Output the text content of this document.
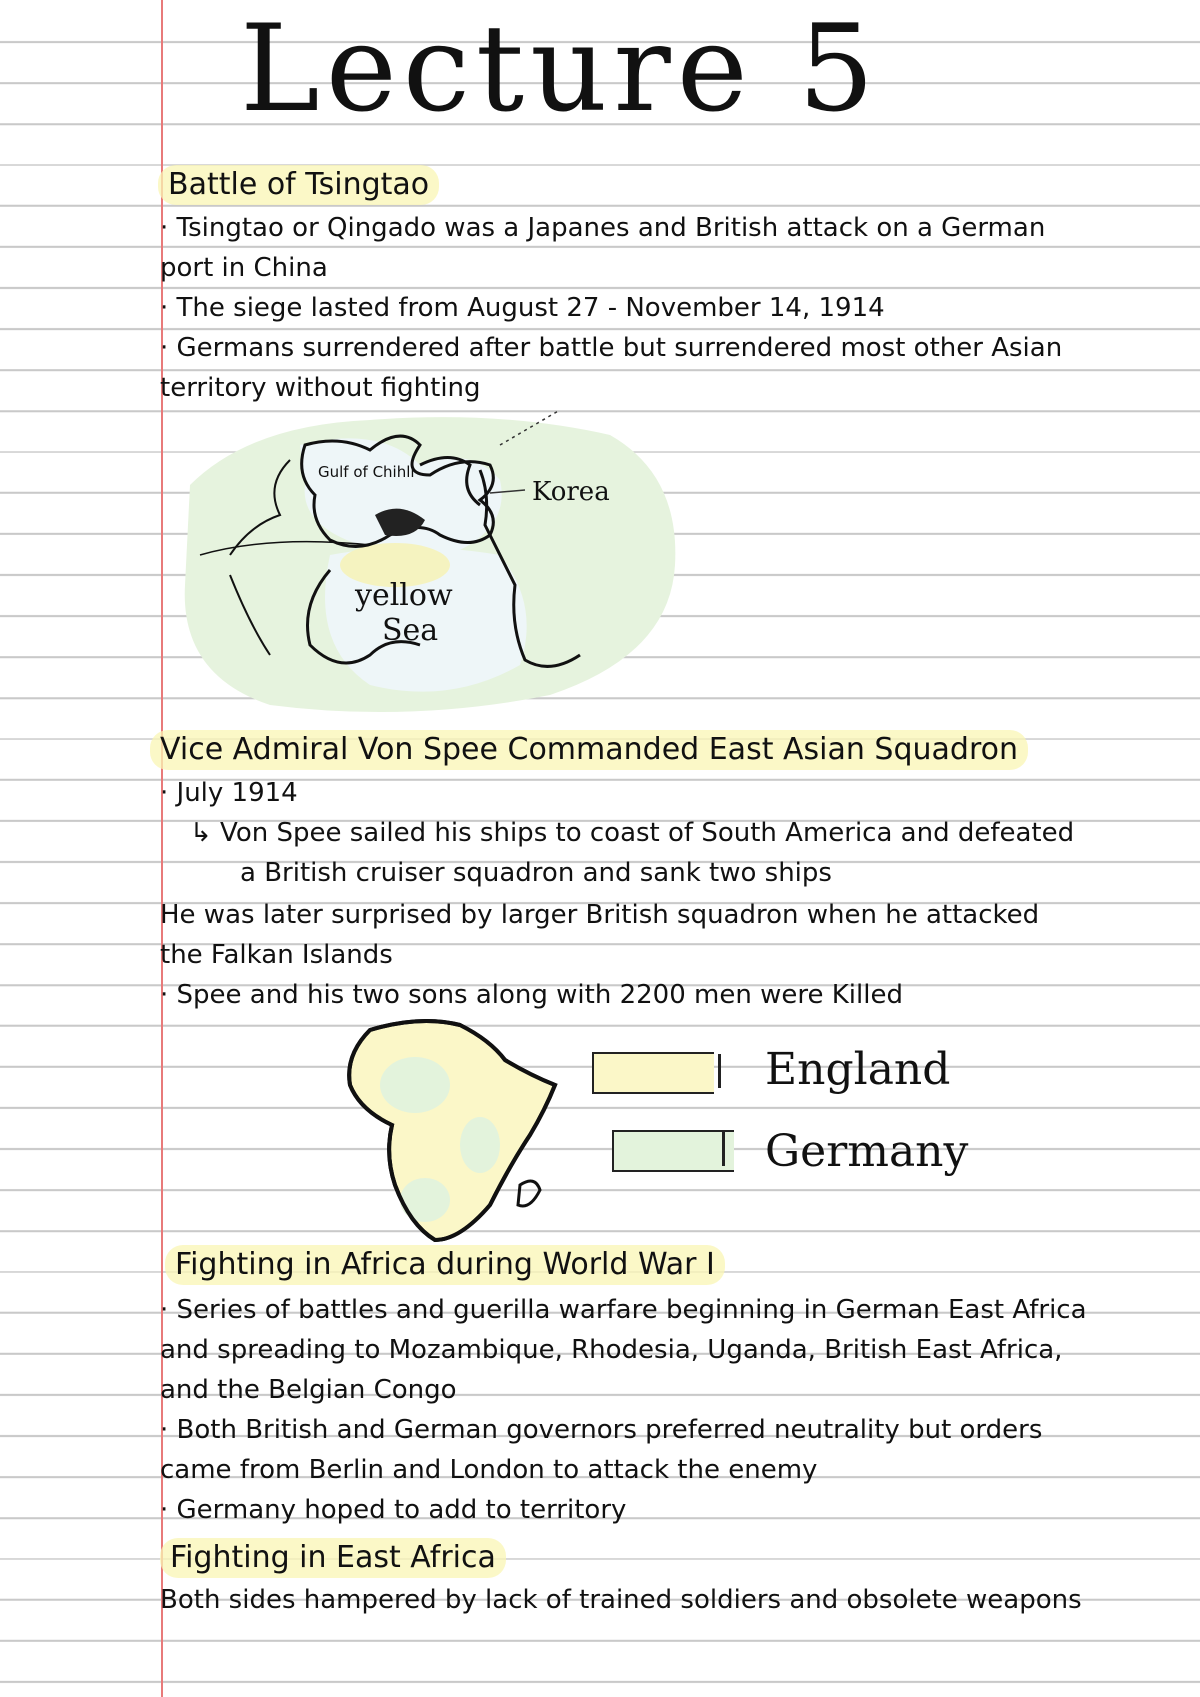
Lecture 5
Battle of Tsingtao
· Tsingtao or Qingado was a Japanes and British attack on a German
port in China
· The siege lasted from August 27 - November 14, 1914
· Germans surrendered after battle but surrendered most other Asian
territory without fighting
Gulf of Chihli
Korea
yellow
Sea
Vice Admiral Von Spee Commanded East Asian Squadron
· July 1914
↳ Von Spee sailed his ships to coast of South America and defeated
a British cruiser squadron and sank two ships
He was later surprised by larger British squadron when he attacked
the Falkan Islands
· Spee and his two sons along with 2200 men were Killed
England
Germany
Fighting in Africa during World War I
· Series of battles and guerilla warfare beginning in German East Africa
and spreading to Mozambique, Rhodesia, Uganda, British East Africa,
and the Belgian Congo
· Both British and German governors preferred neutrality but orders
came from Berlin and London to attack the enemy
· Germany hoped to add to territory
Fighting in East Africa
Both sides hampered by lack of trained soldiers and obsolete weapons
